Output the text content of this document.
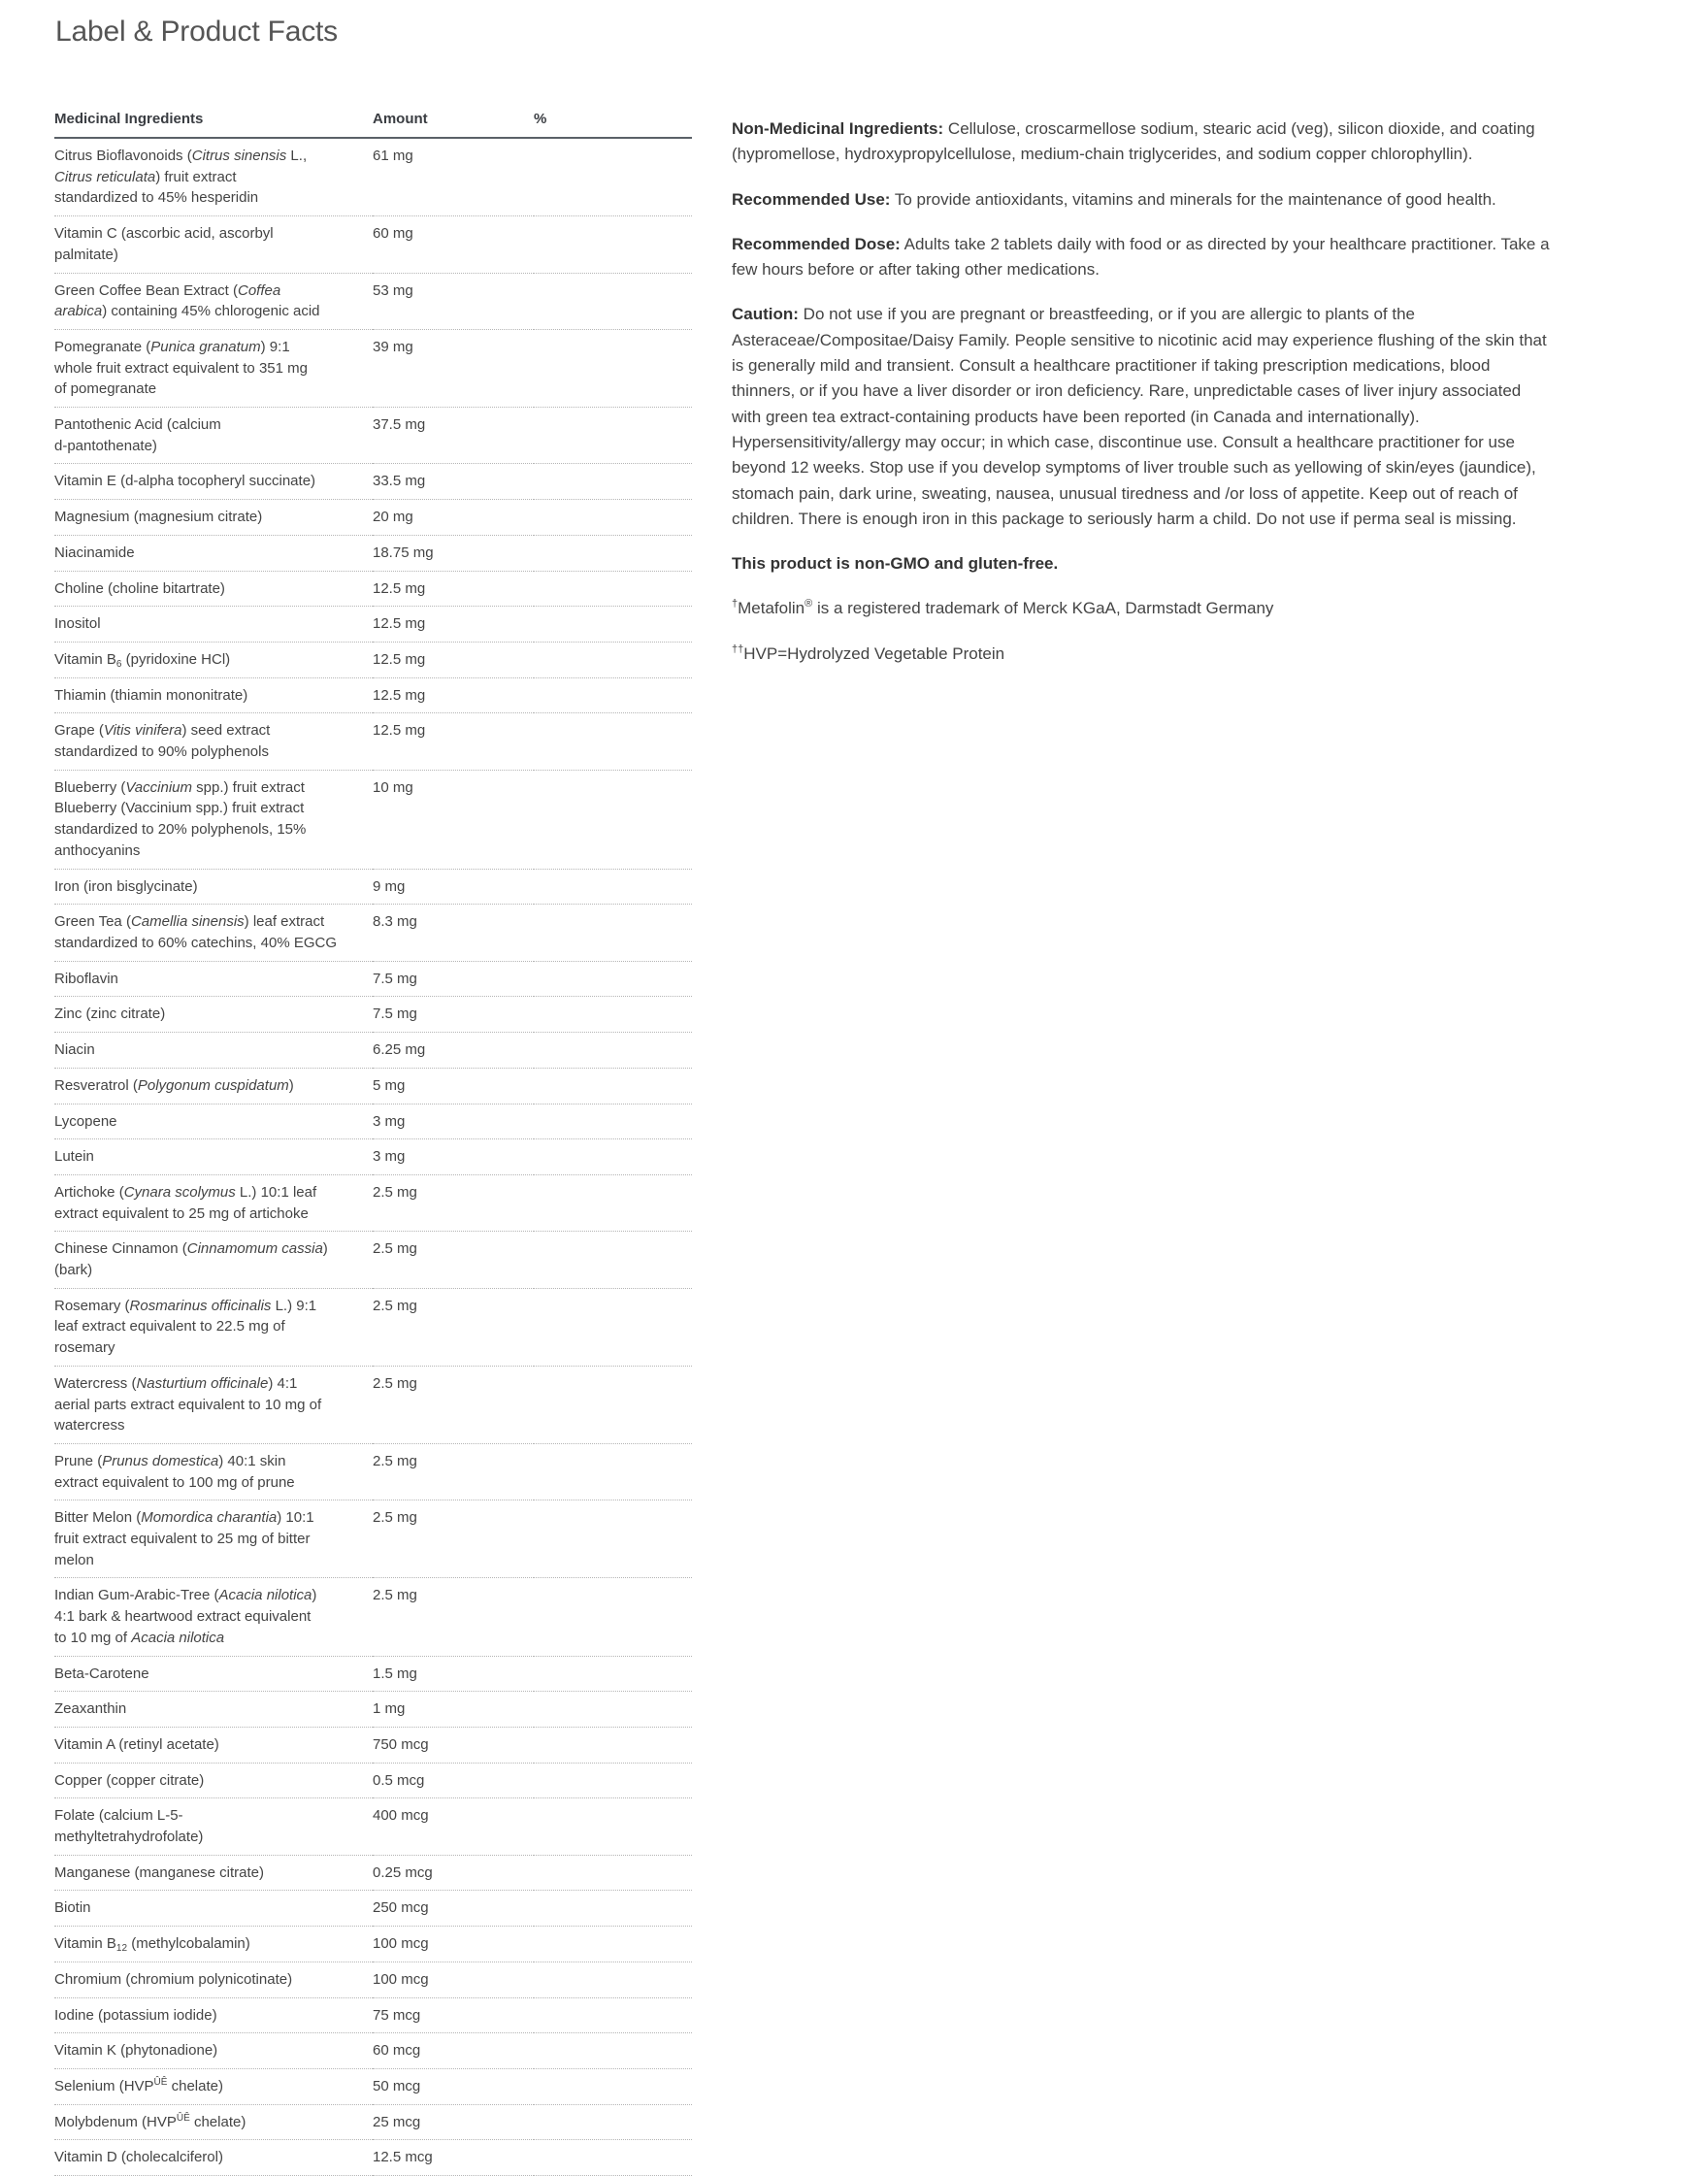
Label & Product Facts
Medicinal Ingredients	Amount	%

Citrus Bioflavonoids (Citrus sinensis L.,
Citrus reticulata) fruit extract
standardized to 45% hesperidin	61 mg	

Vitamin C (ascorbic acid, ascorbyl
palmitate)	60 mg	

Green Coffee Bean Extract (Coffea
arabica) containing 45% chlorogenic acid	53 mg	

Pomegranate (Punica granatum) 9:1
whole fruit extract equivalent to 351 mg
of pomegranate	39 mg	

Pantothenic Acid (calcium
d-pantothenate)	37.5 mg	

Vitamin E (d-alpha tocopheryl succinate)	33.5 mg	

Magnesium (magnesium citrate)	20 mg	

Niacinamide	18.75 mg	

Choline (choline bitartrate)	12.5 mg	

Inositol	12.5 mg	

Vitamin $B_6$ (pyridoxine HCl)	12.5 mg	

Thiamin (thiamin mononitrate)	12.5 mg	

Grape (Vitis vinifera) seed extract
standardized to 90% polyphenols	12.5 mg	

Blueberry (Vaccinium spp.) fruit extract
Blueberry (Vaccinium spp.) fruit extract
standardized to 20% polyphenols, 15%
anthocyanins	10 mg	

Iron (iron bisglycinate)	9 mg	

Green Tea (Camellia sinensis) leaf extract
standardized to 60% catechins, 40% EGCG	8.3 mg	

Riboflavin	7.5 mg	

Zinc (zinc citrate)	7.5 mg	

Niacin	6.25 mg	

Resveratrol (Polygonum cuspidatum)	5 mg	

Lycopene	3 mg	

Lutein	3 mg	

Artichoke (Cynara scolymus L.) 10:1 leaf
extract equivalent to 25 mg of artichoke	2.5 mg	

Chinese Cinnamon (Cinnamomum cassia)
(bark)	2.5 mg	

Rosemary (Rosmarinus officinalis L.) 9:1
leaf extract equivalent to 22.5 mg of
rosemary	2.5 mg	

Watercress (Nasturtium officinale) 4:1
aerial parts extract equivalent to 10 mg of
watercress	2.5 mg	

Prune (Prunus domestica) 40:1 skin
extract equivalent to 100 mg of prune	2.5 mg	

Bitter Melon (Momordica charantia) 10:1
fruit extract equivalent to 25 mg of bitter
melon	2.5 mg	

Indian Gum-Arabic-Tree (Acacia nilotica)
4:1 bark & heartwood extract equivalent
to 10 mg of Acacia nilotica	2.5 mg	

Beta-Carotene	1.5 mg	

Zeaxanthin	1 mg	

Vitamin A (retinyl acetate)	750 mcg	

Copper (copper citrate)	0.5 mcg	

Folate (calcium L-5-
methyltetrahydrofolate)	400 mcg	

Manganese (manganese citrate)	0.25 mcg	

Biotin	250 mcg	

Vitamin $B_{12}$ (methylcobalamin)	100 mcg	

Chromium (chromium polynicotinate)	100 mcg	

Iodine (potassium iodide)	75 mcg	

Vitamin K (phytonadione)	60 mcg	

Selenium ($HVP^{ÛÊ}$ chelate)	50 mcg	

Molybdenum ($HVP^{ÛÊ}$ chelate)	25 mcg	

Vitamin D (cholecalciferol)	12.5 mcg	

Non-Medicinal Ingredients: Cellulose, croscarmellose sodium, stearic acid (veg), silicon dioxide, and coating
(hypromellose, hydroxypropylcellulose, medium-chain triglycerides, and sodium copper chlorophyllin).

Recommended Use: To provide antioxidants, vitamins and minerals for the maintenance of good health.

Recommended Dose: Adults take 2 tablets daily with food or as directed by your healthcare practitioner. Take a
few hours before or after taking other medications.

Caution: Do not use if you are pregnant or breastfeeding, or if you are allergic to plants of the
Asteraceae/Compositae/Daisy Family. People sensitive to nicotinic acid may experience flushing of the skin that
is generally mild and transient. Consult a healthcare practitioner if taking prescription medications, blood
thinners, or if you have a liver disorder or iron deficiency. Rare, unpredictable cases of liver injury associated
with green tea extract-containing products have been reported (in Canada and internationally).
Hypersensitivity/allergy may occur; in which case, discontinue use. Consult a healthcare practitioner for use
beyond 12 weeks. Stop use if you develop symptoms of liver trouble such as yellowing of skin/eyes (jaundice),
stomach pain, dark urine, sweating, nausea, unusual tiredness and /or loss of appetite. Keep out of reach of
children. There is enough iron in this package to seriously harm a child. Do not use if perma seal is missing.

This product is non-GMO and gluten-free.

†Metafolin® is a registered trademark of Merck KGaA, Darmstadt Germany

††HVP=Hydrolyzed Vegetable Protein
